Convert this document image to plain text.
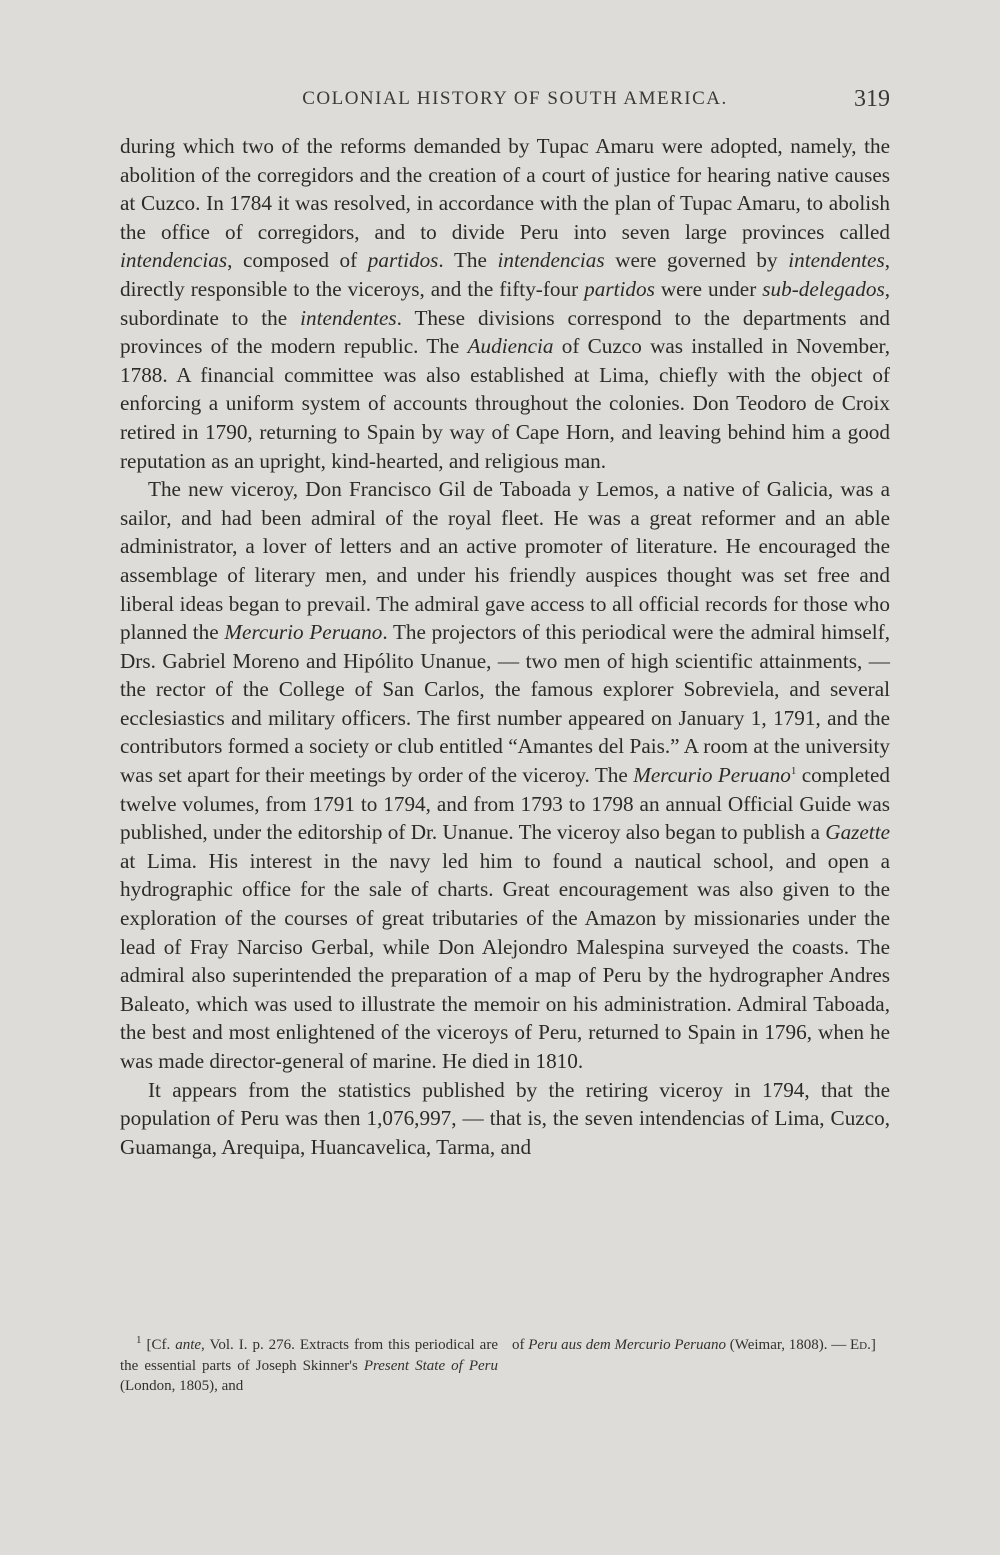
COLONIAL HISTORY OF SOUTH AMERICA.	319

during which two of the reforms demanded by Tupac Amaru were adopted, namely, the abolition of the corregidors and the creation of a court of justice for hearing native causes at Cuzco. In 1784 it was resolved, in accordance with the plan of Tupac Amaru, to abolish the office of corregidors, and to divide Peru into seven large provinces called intendencias, composed of partidos. The intendencias were governed by intendentes, directly responsible to the viceroys, and the fifty-four partidos were under sub-delegados, subordinate to the intendentes. These divisions correspond to the departments and provinces of the modern republic. The Audiencia of Cuzco was installed in November, 1788. A financial committee was also established at Lima, chiefly with the object of enforcing a uniform system of accounts throughout the colonies. Don Teodoro de Croix retired in 1790, returning to Spain by way of Cape Horn, and leaving behind him a good reputation as an upright, kind-hearted, and religious man.

The new viceroy, Don Francisco Gil de Taboada y Lemos, a native of Galicia, was a sailor, and had been admiral of the royal fleet. He was a great reformer and an able administrator, a lover of letters and an active promoter of literature. He encouraged the assemblage of literary men, and under his friendly auspices thought was set free and liberal ideas began to prevail. The admiral gave access to all official records for those who planned the Mercurio Peruano. The projectors of this periodical were the admiral himself, Drs. Gabriel Moreno and Hipólito Unanue, — two men of high scientific attainments, — the rector of the College of San Carlos, the famous explorer Sobreviela, and several ecclesiastics and military officers. The first number appeared on January 1, 1791, and the contributors formed a society or club entitled “Amantes del Pais.” A room at the university was set apart for their meetings by order of the viceroy. The Mercurio Peruano$^1$ completed twelve volumes, from 1791 to 1794, and from 1793 to 1798 an annual Official Guide was published, under the editorship of Dr. Unanue. The viceroy also began to publish a Gazette at Lima. His interest in the navy led him to found a nautical school, and open a hydrographic office for the sale of charts. Great encouragement was also given to the exploration of the courses of great tributaries of the Amazon by missionaries under the lead of Fray Narciso Gerbal, while Don Alejondro Malespina surveyed the coasts. The admiral also superintended the preparation of a map of Peru by the hydrographer Andres Baleato, which was used to illustrate the memoir on his administration. Admiral Taboada, the best and most enlightened of the viceroys of Peru, returned to Spain in 1796, when he was made director-general of marine. He died in 1810.

It appears from the statistics published by the retiring viceroy in 1794, that the population of Peru was then 1,076,997, — that is, the seven intendencias of Lima, Cuzco, Guamanga, Arequipa, Huancavelica, Tarma, and

$^1$ [Cf. ante, Vol. I. p. 276. Extracts from this periodical are the essential parts of Joseph Skinner's Present State of Peru (London, 1805), and
of Peru aus dem Mercurio Peruano (Weimar, 1808). — Ed.]
